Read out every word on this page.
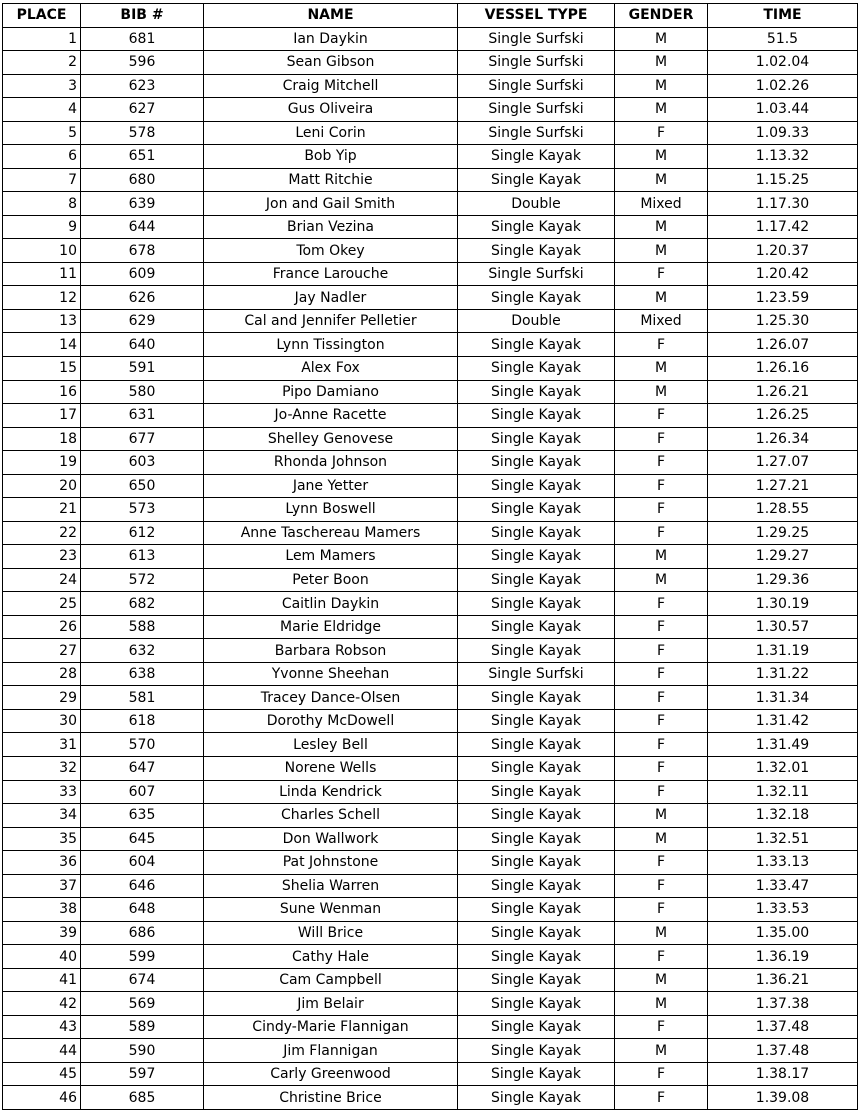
PLACE	BIB #	NAME	VESSEL TYPE	GENDER	TIME
1	681	Ian Daykin	Single Surfski	M	51.5
2	596	Sean Gibson	Single Surfski	M	1.02.04
3	623	Craig Mitchell	Single Surfski	M	1.02.26
4	627	Gus Oliveira	Single Surfski	M	1.03.44
5	578	Leni Corin	Single Surfski	F	1.09.33
6	651	Bob Yip	Single Kayak	M	1.13.32
7	680	Matt Ritchie	Single Kayak	M	1.15.25
8	639	Jon and Gail Smith	Double	Mixed	1.17.30
9	644	Brian Vezina	Single Kayak	M	1.17.42
10	678	Tom Okey	Single Kayak	M	1.20.37
11	609	France Larouche	Single Surfski	F	1.20.42
12	626	Jay Nadler	Single Kayak	M	1.23.59
13	629	Cal and Jennifer Pelletier	Double	Mixed	1.25.30
14	640	Lynn Tissington	Single Kayak	F	1.26.07
15	591	Alex Fox	Single Kayak	M	1.26.16
16	580	Pipo Damiano	Single Kayak	M	1.26.21
17	631	Jo-Anne Racette	Single Kayak	F	1.26.25
18	677	Shelley Genovese	Single Kayak	F	1.26.34
19	603	Rhonda Johnson	Single Kayak	F	1.27.07
20	650	Jane Yetter	Single Kayak	F	1.27.21
21	573	Lynn Boswell	Single Kayak	F	1.28.55
22	612	Anne Taschereau Mamers	Single Kayak	F	1.29.25
23	613	Lem Mamers	Single Kayak	M	1.29.27
24	572	Peter Boon	Single Kayak	M	1.29.36
25	682	Caitlin Daykin	Single Kayak	F	1.30.19
26	588	Marie Eldridge	Single Kayak	F	1.30.57
27	632	Barbara Robson	Single Kayak	F	1.31.19
28	638	Yvonne Sheehan	Single Surfski	F	1.31.22
29	581	Tracey Dance-Olsen	Single Kayak	F	1.31.34
30	618	Dorothy McDowell	Single Kayak	F	1.31.42
31	570	Lesley Bell	Single Kayak	F	1.31.49
32	647	Norene Wells	Single Kayak	F	1.32.01
33	607	Linda Kendrick	Single Kayak	F	1.32.11
34	635	Charles Schell	Single Kayak	M	1.32.18
35	645	Don Wallwork	Single Kayak	M	1.32.51
36	604	Pat Johnstone	Single Kayak	F	1.33.13
37	646	Shelia Warren	Single Kayak	F	1.33.47
38	648	Sune Wenman	Single Kayak	F	1.33.53
39	686	Will Brice	Single Kayak	M	1.35.00
40	599	Cathy Hale	Single Kayak	F	1.36.19
41	674	Cam Campbell	Single Kayak	M	1.36.21
42	569	Jim Belair	Single Kayak	M	1.37.38
43	589	Cindy-Marie Flannigan	Single Kayak	F	1.37.48
44	590	Jim Flannigan	Single Kayak	M	1.37.48
45	597	Carly Greenwood	Single Kayak	F	1.38.17
46	685	Christine Brice	Single Kayak	F	1.39.08
